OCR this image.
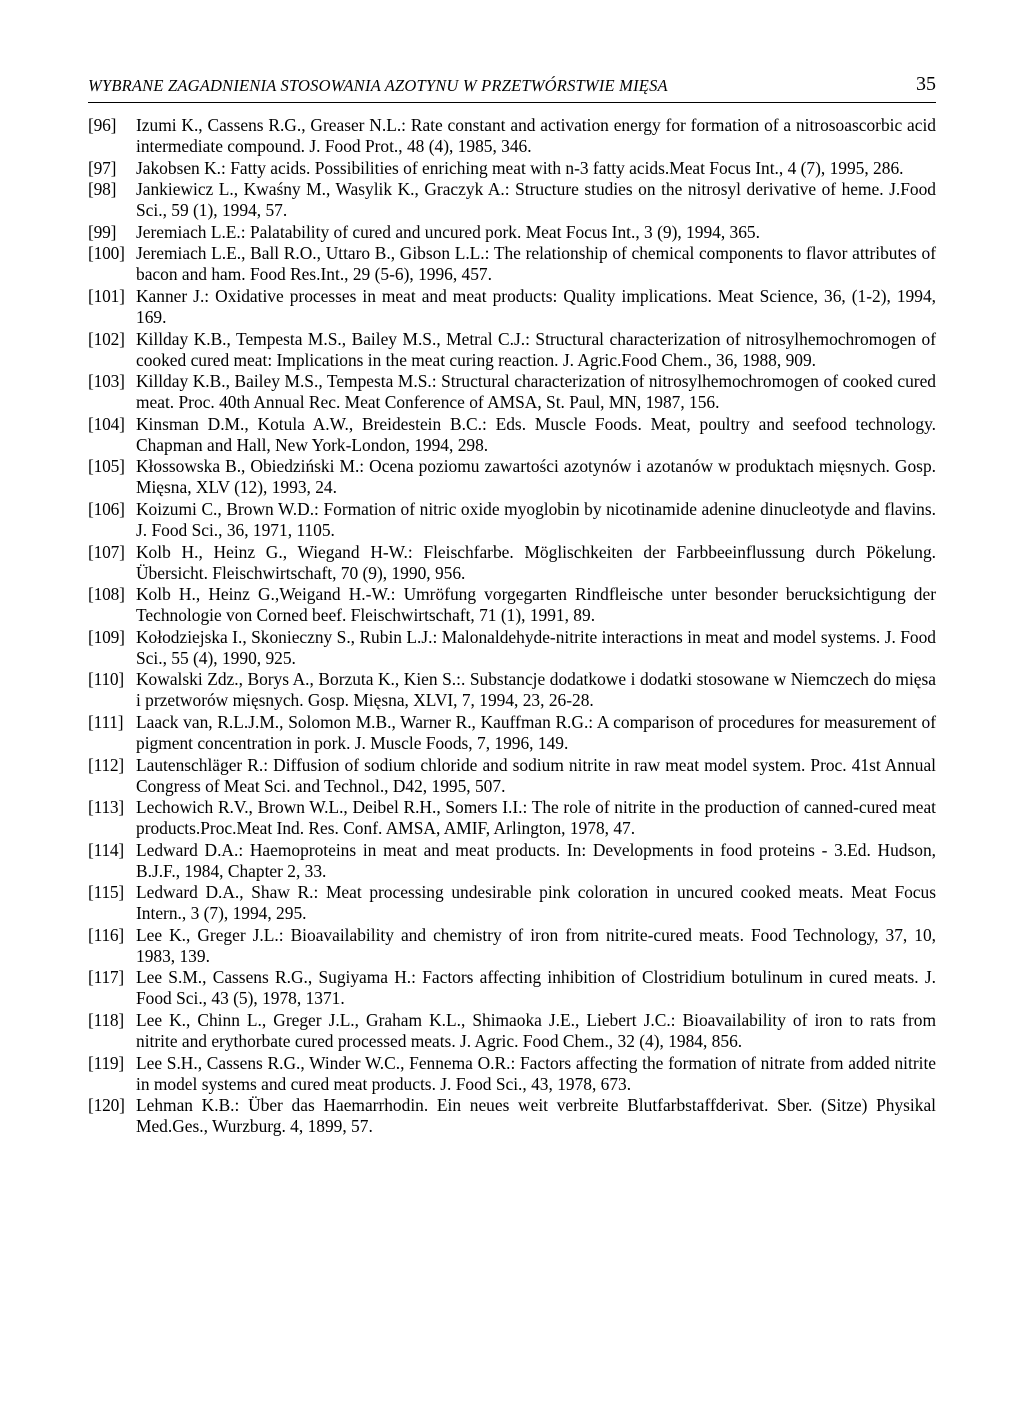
WYBRANE ZAGADNIENIA STOSOWANIA AZOTYNU W PRZETWÓRSTWIE MIĘSA	35
[96]	Izumi K., Cassens R.G., Greaser N.L.: Rate constant and activation energy for formation of a nitrosoascorbic acid intermediate compound. J. Food Prot., 48 (4), 1985, 346.
[97]	Jakobsen K.: Fatty acids. Possibilities of enriching meat with n-3 fatty acids.Meat Focus Int., 4 (7), 1995, 286.
[98]	Jankiewicz L., Kwaśny M., Wasylik K., Graczyk A.: Structure studies on the nitrosyl derivative of heme. J.Food Sci., 59 (1), 1994, 57.
[99]	Jeremiach L.E.: Palatability of cured and uncured pork. Meat Focus Int., 3 (9), 1994, 365.
[100] Jeremiach L.E., Ball R.O., Uttaro B., Gibson L.L.: The relationship of chemical components to flavor attributes of bacon and ham. Food Res.Int., 29 (5-6), 1996, 457.
[101] Kanner J.: Oxidative processes in meat and meat products: Quality implications. Meat Science, 36, (1-2), 1994, 169.
[102] Killday K.B., Tempesta M.S., Bailey M.S., Metral C.J.: Structural characterization of nitrosylhemochromogen of cooked cured meat: Implications in the meat curing reaction. J. Agric.Food Chem., 36, 1988, 909.
[103] Killday K.B., Bailey M.S., Tempesta M.S.: Structural characterization of nitrosylhemochromogen of cooked cured meat. Proc. 40th Annual Rec. Meat Conference of AMSA, St. Paul, MN, 1987, 156.
[104] Kinsman D.M., Kotula A.W., Breidestein B.C.: Eds. Muscle Foods. Meat, poultry and seefood technology. Chapman and Hall, New York-London, 1994, 298.
[105] Kłossowska B., Obiedziński M.: Ocena poziomu zawartości azotynów i azotanów w produktach mięsnych. Gosp. Mięsna, XLV (12), 1993, 24.
[106] Koizumi C., Brown W.D.: Formation of nitric oxide myoglobin by nicotinamide adenine dinucleotyde and flavins. J. Food Sci., 36, 1971, 1105.
[107] Kolb H., Heinz G., Wiegand H-W.: Fleischfarbe. Möglischkeiten der Farbbeeinflussung durch Pökelung. Übersicht. Fleischwirtschaft, 70 (9), 1990, 956.
[108] Kolb H., Heinz G.,Weigand H.-W.: Umröfung vorgegarten Rindfleische unter besonder berucksichtigung der Technologie von Corned beef. Fleischwirtschaft, 71 (1), 1991, 89.
[109] Kołodziejska I., Skonieczny S., Rubin L.J.: Malonaldehyde-nitrite interactions in meat and model systems. J. Food Sci., 55 (4), 1990, 925.
[110] Kowalski Zdz., Borys A., Borzuta K., Kien S.:. Substancje dodatkowe i dodatki stosowane w Niemczech do mięsa i przetworów mięsnych. Gosp. Mięsna, XLVI, 7, 1994, 23, 26-28.
[111] Laack van, R.L.J.M., Solomon M.B., Warner R., Kauffman R.G.: A comparison of procedures for measurement of pigment concentration in pork. J. Muscle Foods, 7, 1996, 149.
[112] Lautenschläger R.: Diffusion of sodium chloride and sodium nitrite in raw meat model system. Proc. 41st Annual Congress of Meat Sci. and Technol., D42, 1995, 507.
[113] Lechowich R.V., Brown W.L., Deibel R.H., Somers I.I.: The role of nitrite in the production of canned-cured meat products.Proc.Meat Ind. Res. Conf. AMSA, AMIF, Arlington, 1978, 47.
[114] Ledward D.A.: Haemoproteins in meat and meat products. In: Developments in food proteins - 3.Ed. Hudson, B.J.F., 1984, Chapter 2, 33.
[115] Ledward D.A., Shaw R.: Meat processing undesirable pink coloration in uncured cooked meats. Meat Focus Intern., 3 (7), 1994, 295.
[116] Lee K., Greger J.L.: Bioavailability and chemistry of iron from nitrite-cured meats. Food Technology, 37, 10, 1983, 139.
[117] Lee S.M., Cassens R.G., Sugiyama H.: Factors affecting inhibition of Clostridium botulinum in cured meats. J. Food Sci., 43 (5), 1978, 1371.
[118] Lee K., Chinn L., Greger J.L., Graham K.L., Shimaoka J.E., Liebert J.C.: Bioavailability of iron to rats from nitrite and erythorbate cured processed meats. J. Agric. Food Chem., 32 (4), 1984, 856.
[119] Lee S.H., Cassens R.G., Winder W.C., Fennema O.R.: Factors affecting the formation of nitrate from added nitrite in model systems and cured meat products. J. Food Sci., 43, 1978, 673.
[120] Lehman K.B.: Über das Haemarrhodin. Ein neues weit verbreite Blutfarbstaffderivat. Sber. (Sitze) Physikal Med.Ges., Wurzburg. 4, 1899, 57.
